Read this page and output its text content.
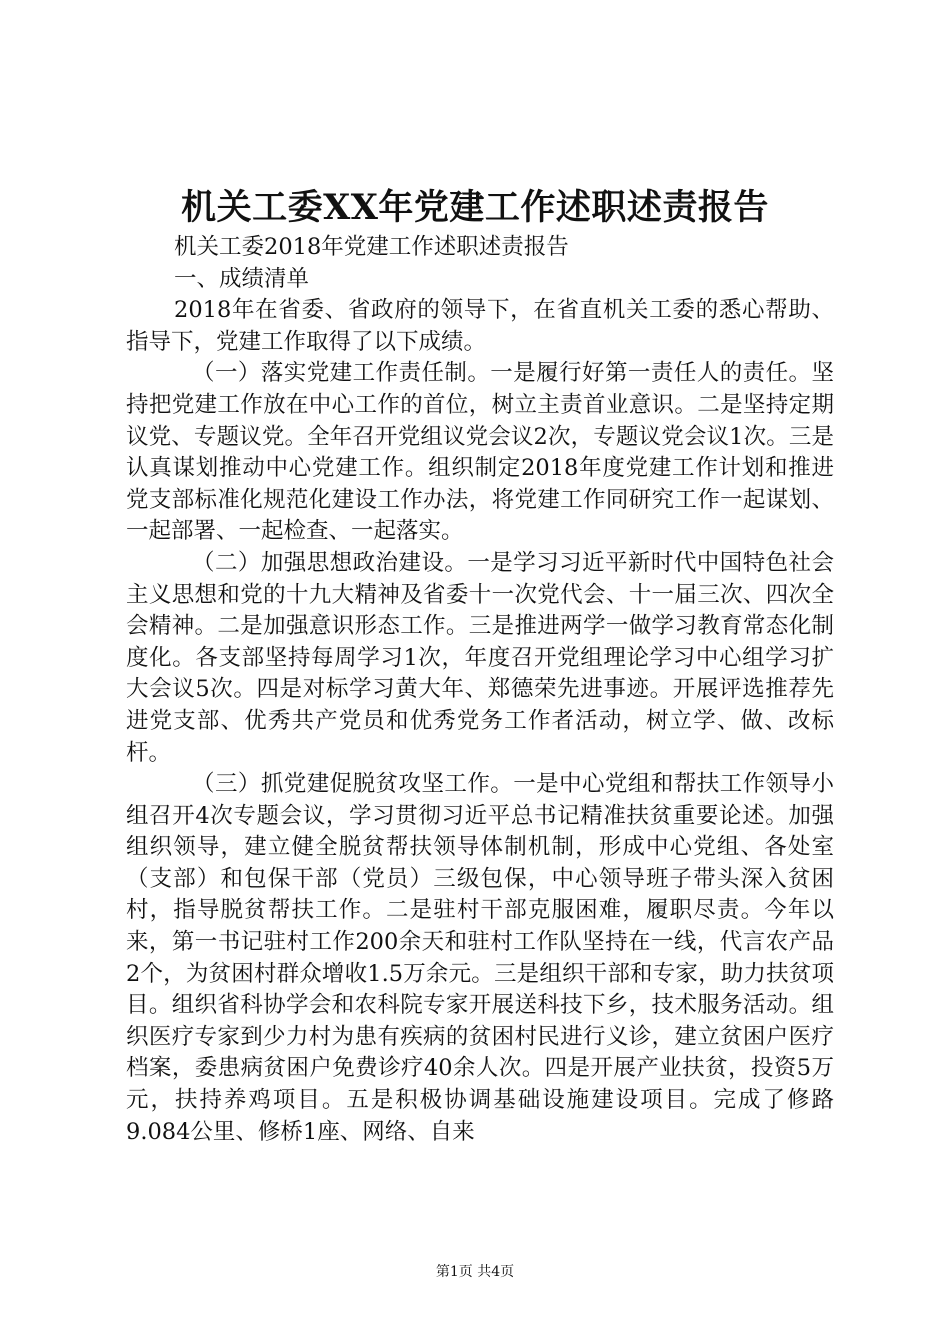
机关工委XX年党建工作述职述责报告

机关工委2018年党建工作述职述责报告

一、成绩清单

2018年在省委、省政府的领导下，在省直机关工委的悉心帮助、指导下，党建工作取得了以下成绩。

（一）落实党建工作责任制。一是履行好第一责任人的责任。坚持把党建工作放在中心工作的首位，树立主责首业意识。二是坚持定期议党、专题议党。全年召开党组议党会议2次，专题议党会议1次。三是认真谋划推动中心党建工作。组织制定2018年度党建工作计划和推进党支部标准化规范化建设工作办法，将党建工作同研究工作一起谋划、一起部署、一起检查、一起落实。

（二）加强思想政治建设。一是学习习近平新时代中国特色社会主义思想和党的十九大精神及省委十一次党代会、十一届三次、四次全会精神。二是加强意识形态工作。三是推进两学一做学习教育常态化制度化。各支部坚持每周学习1次，年度召开党组理论学习中心组学习扩大会议5次。四是对标学习黄大年、郑德荣先进事迹。开展评选推荐先进党支部、优秀共产党员和优秀党务工作者活动，树立学、做、改标杆。

（三）抓党建促脱贫攻坚工作。一是中心党组和帮扶工作领导小组召开4次专题会议，学习贯彻习近平总书记精准扶贫重要论述。加强组织领导，建立健全脱贫帮扶领导体制机制，形成中心党组、各处室（支部）和包保干部（党员）三级包保，中心领导班子带头深入贫困村，指导脱贫帮扶工作。二是驻村干部克服困难，履职尽责。今年以来，第一书记驻村工作200余天和驻村工作队坚持在一线，代言农产品2个，为贫困村群众增收1.5万余元。三是组织干部和专家，助力扶贫项目。组织省科协学会和农科院专家开展送科技下乡，技术服务活动。组织医疗专家到少力村为患有疾病的贫困村民进行义诊，建立贫困户医疗档案，委患病贫困户免费诊疗40余人次。四是开展产业扶贫，投资5万元，扶持养鸡项目。五是积极协调基础设施建设项目。完成了修路9.084公里、修桥1座、网络、自来

第1页 共4页
